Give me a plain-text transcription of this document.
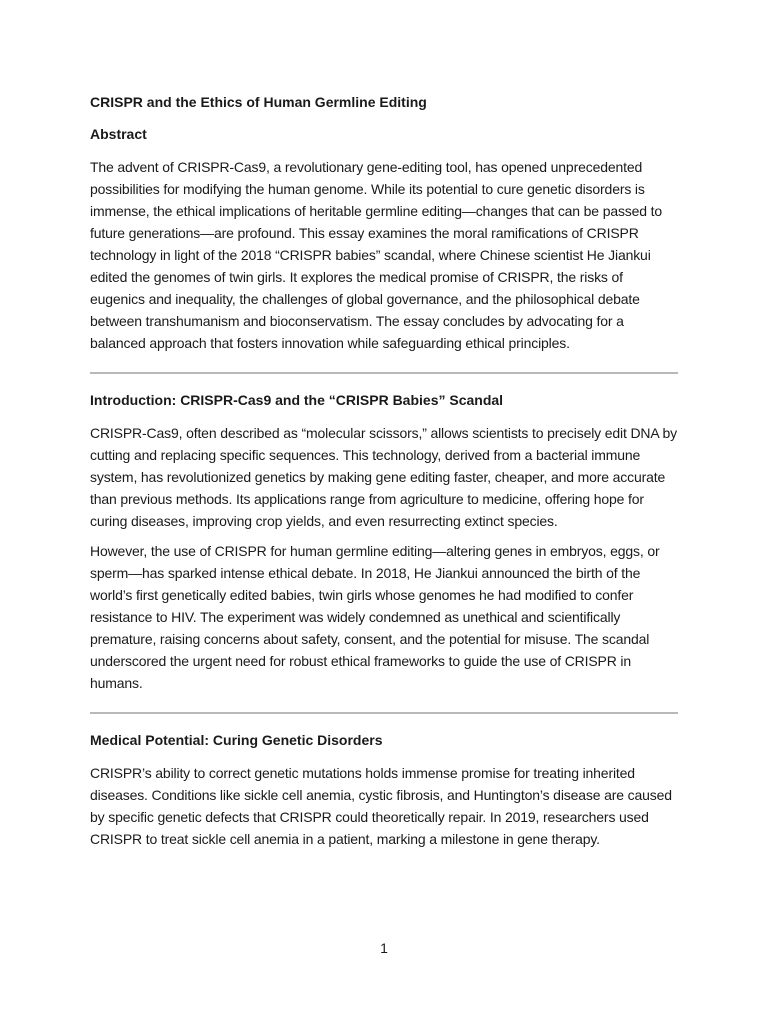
CRISPR and the Ethics of Human Germline Editing
Abstract
The advent of CRISPR-Cas9, a revolutionary gene-editing tool, has opened unprecedented possibilities for modifying the human genome. While its potential to cure genetic disorders is immense, the ethical implications of heritable germline editing—changes that can be passed to future generations—are profound. This essay examines the moral ramifications of CRISPR technology in light of the 2018 “CRISPR babies” scandal, where Chinese scientist He Jiankui edited the genomes of twin girls. It explores the medical promise of CRISPR, the risks of eugenics and inequality, the challenges of global governance, and the philosophical debate between transhumanism and bioconservatism. The essay concludes by advocating for a balanced approach that fosters innovation while safeguarding ethical principles.
Introduction: CRISPR-Cas9 and the “CRISPR Babies” Scandal
CRISPR-Cas9, often described as “molecular scissors,” allows scientists to precisely edit DNA by cutting and replacing specific sequences. This technology, derived from a bacterial immune system, has revolutionized genetics by making gene editing faster, cheaper, and more accurate than previous methods. Its applications range from agriculture to medicine, offering hope for curing diseases, improving crop yields, and even resurrecting extinct species.
However, the use of CRISPR for human germline editing—altering genes in embryos, eggs, or sperm—has sparked intense ethical debate. In 2018, He Jiankui announced the birth of the world’s first genetically edited babies, twin girls whose genomes he had modified to confer resistance to HIV. The experiment was widely condemned as unethical and scientifically premature, raising concerns about safety, consent, and the potential for misuse. The scandal underscored the urgent need for robust ethical frameworks to guide the use of CRISPR in humans.
Medical Potential: Curing Genetic Disorders
CRISPR’s ability to correct genetic mutations holds immense promise for treating inherited diseases. Conditions like sickle cell anemia, cystic fibrosis, and Huntington’s disease are caused by specific genetic defects that CRISPR could theoretically repair. In 2019, researchers used CRISPR to treat sickle cell anemia in a patient, marking a milestone in gene therapy.
1
